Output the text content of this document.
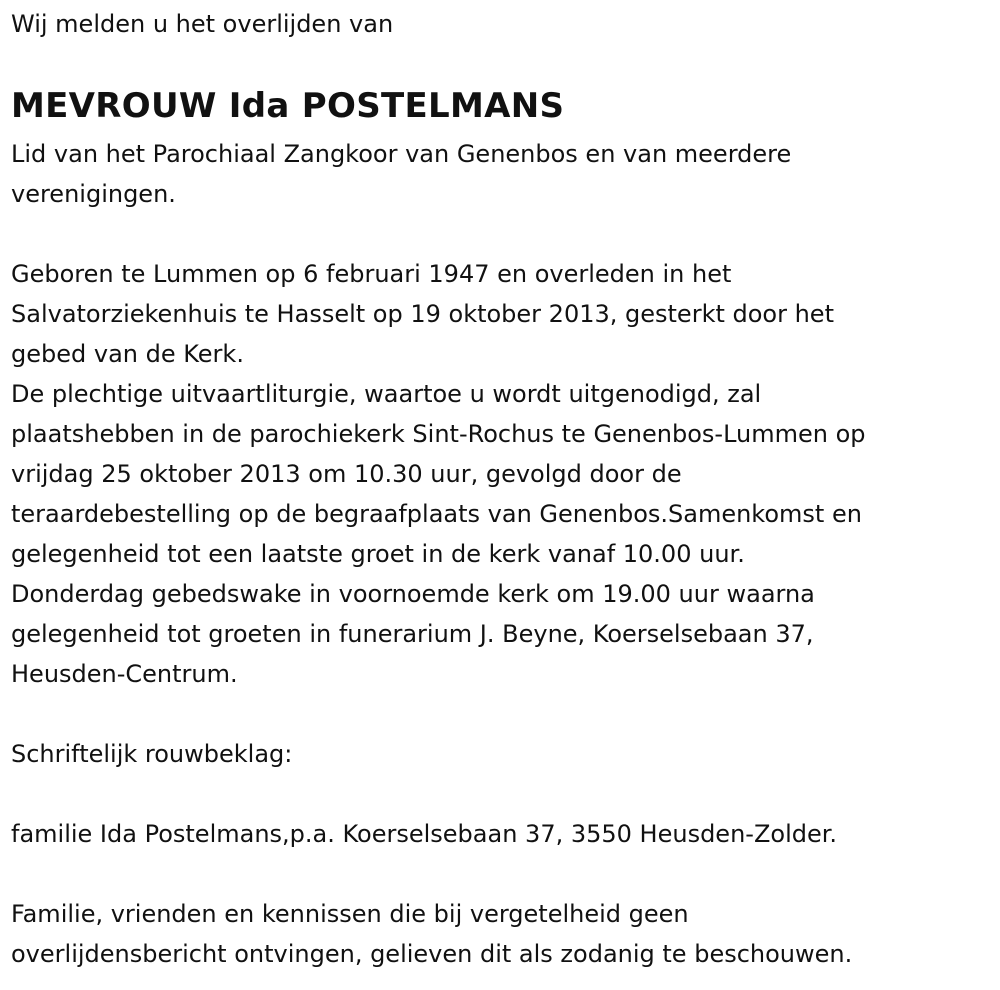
Wij melden u het overlijden van

MEVROUW Ida POSTELMANS

Lid van het Parochiaal Zangkoor van Genenbos en van meerdere

verenigingen.

Geboren te Lummen op 6 februari 1947 en overleden in het

Salvatorziekenhuis te Hasselt op 19 oktober 2013, gesterkt door het

gebed van de Kerk.

De plechtige uitvaartliturgie, waartoe u wordt uitgenodigd, zal

plaatshebben in de parochiekerk Sint-Rochus te Genenbos-Lummen op

vrijdag 25 oktober 2013 om 10.30 uur, gevolgd door de

teraardebestelling op de begraafplaats van Genenbos.Samenkomst en

gelegenheid tot een laatste groet in de kerk vanaf 10.00 uur.

Donderdag gebedswake in voornoemde kerk om 19.00 uur waarna

gelegenheid tot groeten in funerarium J. Beyne, Koerselsebaan 37,

Heusden-Centrum.

Schriftelijk rouwbeklag:

familie Ida Postelmans,p.a. Koerselsebaan 37, 3550 Heusden-Zolder.

Familie, vrienden en kennissen die bij vergetelheid geen

overlijdensbericht ontvingen, gelieven dit als zodanig te beschouwen.
